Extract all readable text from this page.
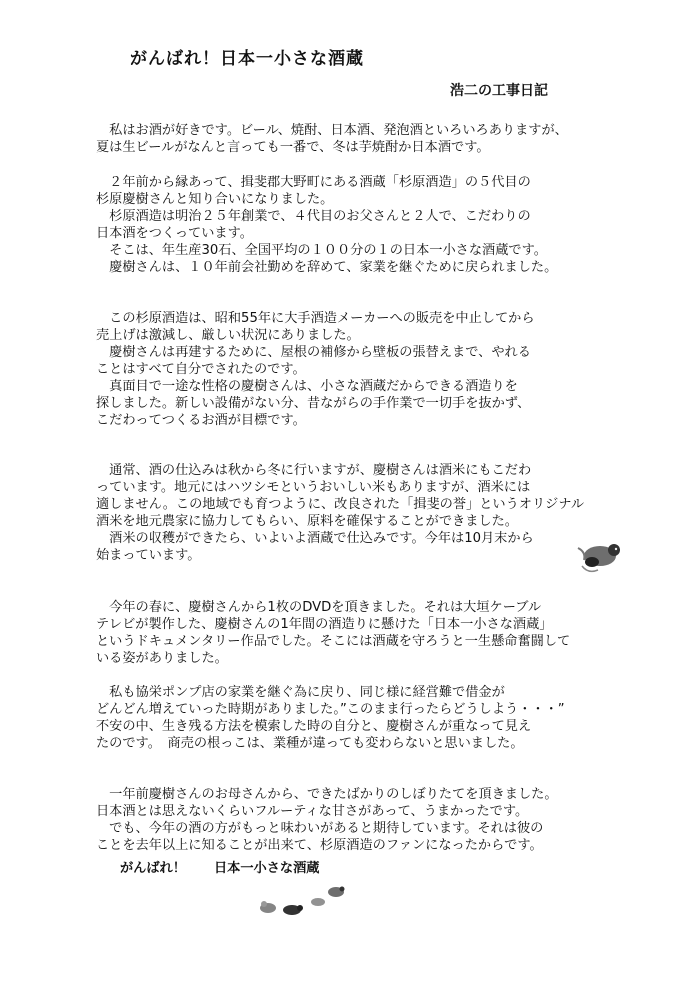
がんばれ！日本一小さな酒蔵
浩二の工事日記
　私はお酒が好きです。ビール、焼酎、日本酒、発泡酒といろいろありますが、
夏は生ビールがなんと言っても一番で、冬は芋焼酎か日本酒です。
　２年前から縁あって、揖斐郡大野町にある酒蔵「杉原酒造」の５代目の
杉原慶樹さんと知り合いになりました。
　杉原酒造は明治２５年創業で、４代目のお父さんと２人で、こだわりの
日本酒をつくっています。
　そこは、年生産30石、全国平均の１００分の１の日本一小さな酒蔵です。
　慶樹さんは、１０年前会社勤めを辞めて、家業を継ぐために戻られました。
　この杉原酒造は、昭和55年に大手酒造メーカーへの販売を中止してから
売上げは激減し、厳しい状況にありました。
　慶樹さんは再建するために、屋根の補修から壁板の張替えまで、やれる
ことはすべて自分でされたのです。
　真面目で一途な性格の慶樹さんは、小さな酒蔵だからできる酒造りを
探しました。新しい設備がない分、昔ながらの手作業で一切手を抜かず、
こだわってつくるお酒が目標です。
　通常、酒の仕込みは秋から冬に行いますが、慶樹さんは酒米にもこだわ
っています。地元にはハツシモというおいしい米もありますが、酒米には
適しません。この地域でも育つように、改良された「揖斐の誉」というオリジナル
酒米を地元農家に協力してもらい、原料を確保することができました。
　酒米の収穫ができたら、いよいよ酒蔵で仕込みです。今年は10月末から
始まっています。
　今年の春に、慶樹さんから1枚のDVDを頂きました。それは大垣ケーブル
テレビが製作した、慶樹さんの1年間の酒造りに懸けた「日本一小さな酒蔵」
というドキュメンタリー作品でした。そこには酒蔵を守ろうと一生懸命奮闘して
いる姿がありました。
　私も協栄ポンプ店の家業を継ぐ為に戻り、同じ様に経営難で借金が
どんどん増えていった時期がありました。”このまま行ったらどうしよう・・・”
不安の中、生き残る方法を模索した時の自分と、慶樹さんが重なって見え
たのです。　商売の根っこは、業種が違っても変わらないと思いました。
　一年前慶樹さんのお母さんから、できたばかりのしぼりたてを頂きました。
日本酒とは思えないくらいフルーティな甘さがあって、うまかったです。
　でも、今年の酒の方がもっと味わいがあると期待しています。それは彼の
ことを去年以上に知ることが出来て、杉原酒造のファンになったからです。
がんばれ！ 日本一小さな酒蔵
